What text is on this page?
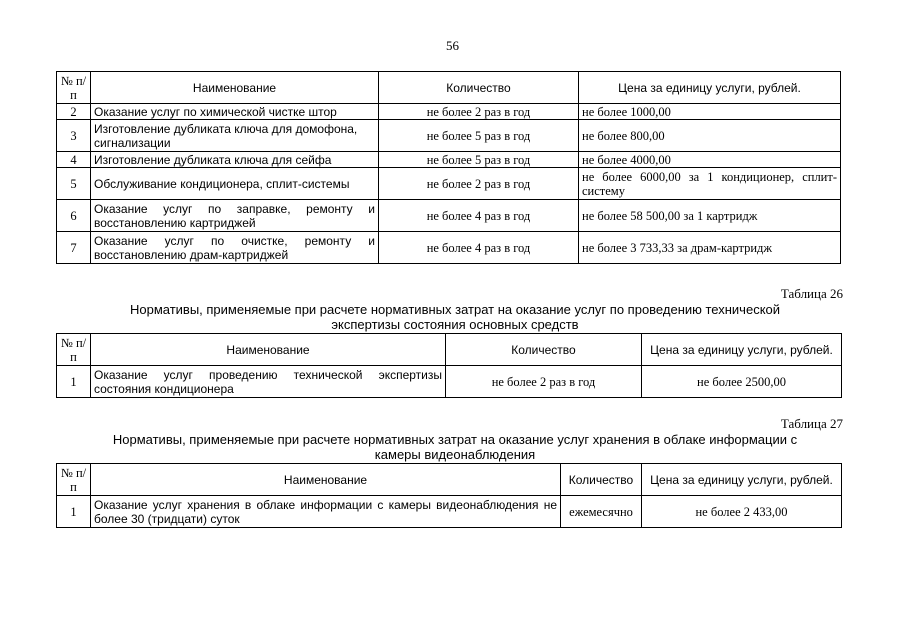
56
№ п/п	Наименование	Количество	Цена за единицу услуги, рублей.
2	Оказание услуг по химической чистке штор	не более 2 раз в год	не более 1000,00
3	Изготовление дубликата ключа для домофона, сигнализации	не более 5 раз в год	не более 800,00
4	Изготовление дубликата ключа для сейфа	не более 5 раз в год	не более 4000,00
5	Обслуживание кондиционера, сплит-системы	не более 2 раз в год	не более 6000,00 за 1 кондиционер, сплит-систему
6	Оказание услуг по заправке, ремонту и восстановлению картриджей	не более 4 раз в год	не более 58 500,00 за 1 картридж
7	Оказание услуг по очистке, ремонту и восстановлению драм-картриджей	не более 4 раз в год	не более 3 733,33 за драм-картридж
Таблица 26
Нормативы, применяемые при расчете нормативных затрат на оказание услуг по проведению технической экспертизы состояния основных средств
№ п/п	Наименование	Количество	Цена за единицу услуги, рублей.
1	Оказание услуг проведению технической экспертизы состояния кондиционера	не более 2 раз в год	не более 2500,00
Таблица 27
Нормативы, применяемые при расчете нормативных затрат на оказание услуг хранения в облаке информации с камеры видеонаблюдения
№ п/п	Наименование	Количество	Цена за единицу услуги, рублей.
1	Оказание услуг хранения в облаке информации с камеры видеонаблюдения не более 30 (тридцати) суток	ежемесячно	не более 2 433,00
